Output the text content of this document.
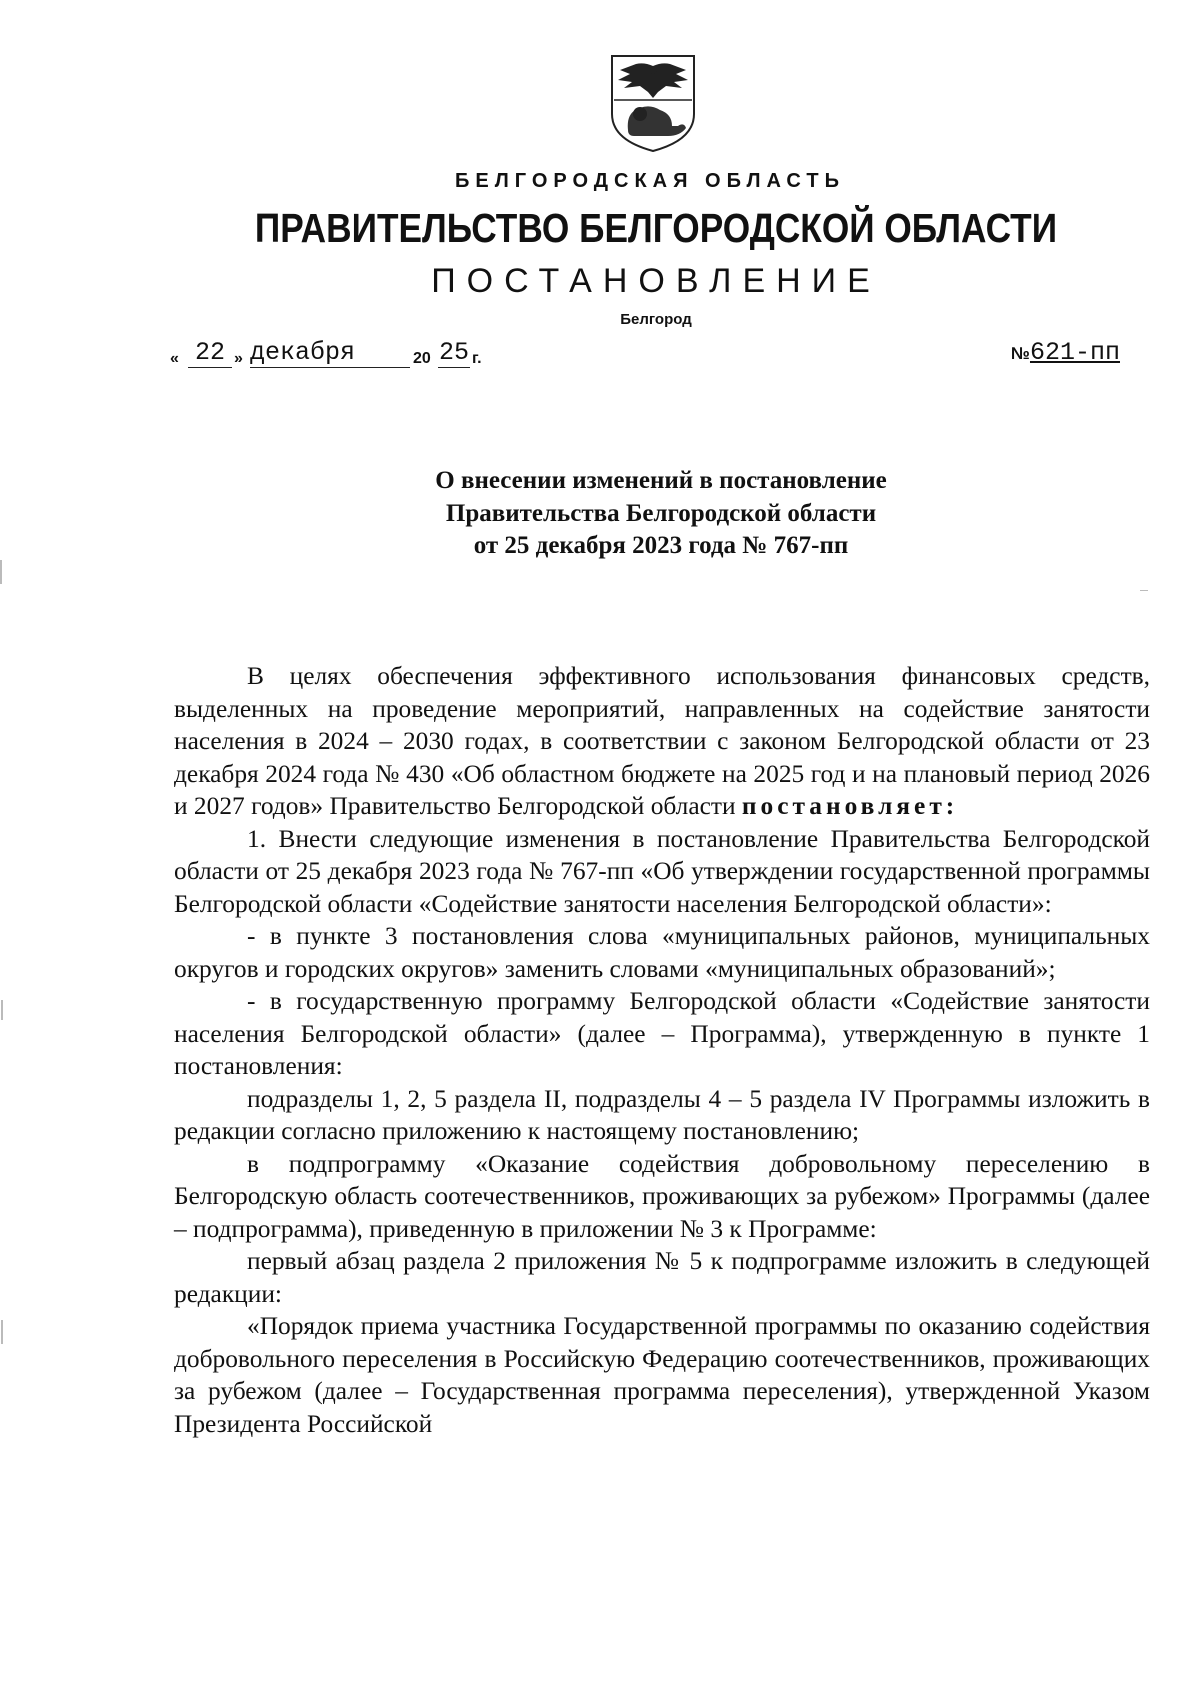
БЕЛГОРОДСКАЯ ОБЛАСТЬ
ПРАВИТЕЛЬСТВО БЕЛГОРОДСКОЙ ОБЛАСТИ
ПОСТАНОВЛЕНИЕ
Белгород
« 22 » декабря	20 25 г.	№621-пп
О внесении изменений в постановление
Правительства Белгородской области
от 25 декабря 2023 года № 767-пп

В целях обеспечения эффективного использования финансовых средств, выделенных на проведение мероприятий, направленных на содействие занятости населения в 2024 – 2030 годах, в соответствии с законом Белгородской области от 23 декабря 2024 года № 430 «Об областном бюджете на 2025 год и на плановый период 2026 и 2027 годов» Правительство Белгородской области постановляет:

1. Внести следующие изменения в постановление Правительства Белгородской области от 25 декабря 2023 года № 767-пп «Об утверждении государственной программы Белгородской области «Содействие занятости населения Белгородской области»:

- в пункте 3 постановления слова «муниципальных районов, муниципальных округов и городских округов» заменить словами «муниципальных образований»;

- в государственную программу Белгородской области «Содействие занятости населения Белгородской области» (далее – Программа), утвержденную в пункте 1 постановления:

подразделы 1, 2, 5 раздела II, подразделы 4 – 5 раздела IV Программы изложить в редакции согласно приложению к настоящему постановлению;

в подпрограмму «Оказание содействия добровольному переселению в Белгородскую область соотечественников, проживающих за рубежом» Программы (далее – подпрограмма), приведенную в приложении № 3 к Программе:

первый абзац раздела 2 приложения № 5 к подпрограмме изложить в следующей редакции:

«Порядок приема участника Государственной программы по оказанию содействия добровольного переселения в Российскую Федерацию соотечественников, проживающих за рубежом (далее – Государственная программа переселения), утвержденной Указом Президента Российской
